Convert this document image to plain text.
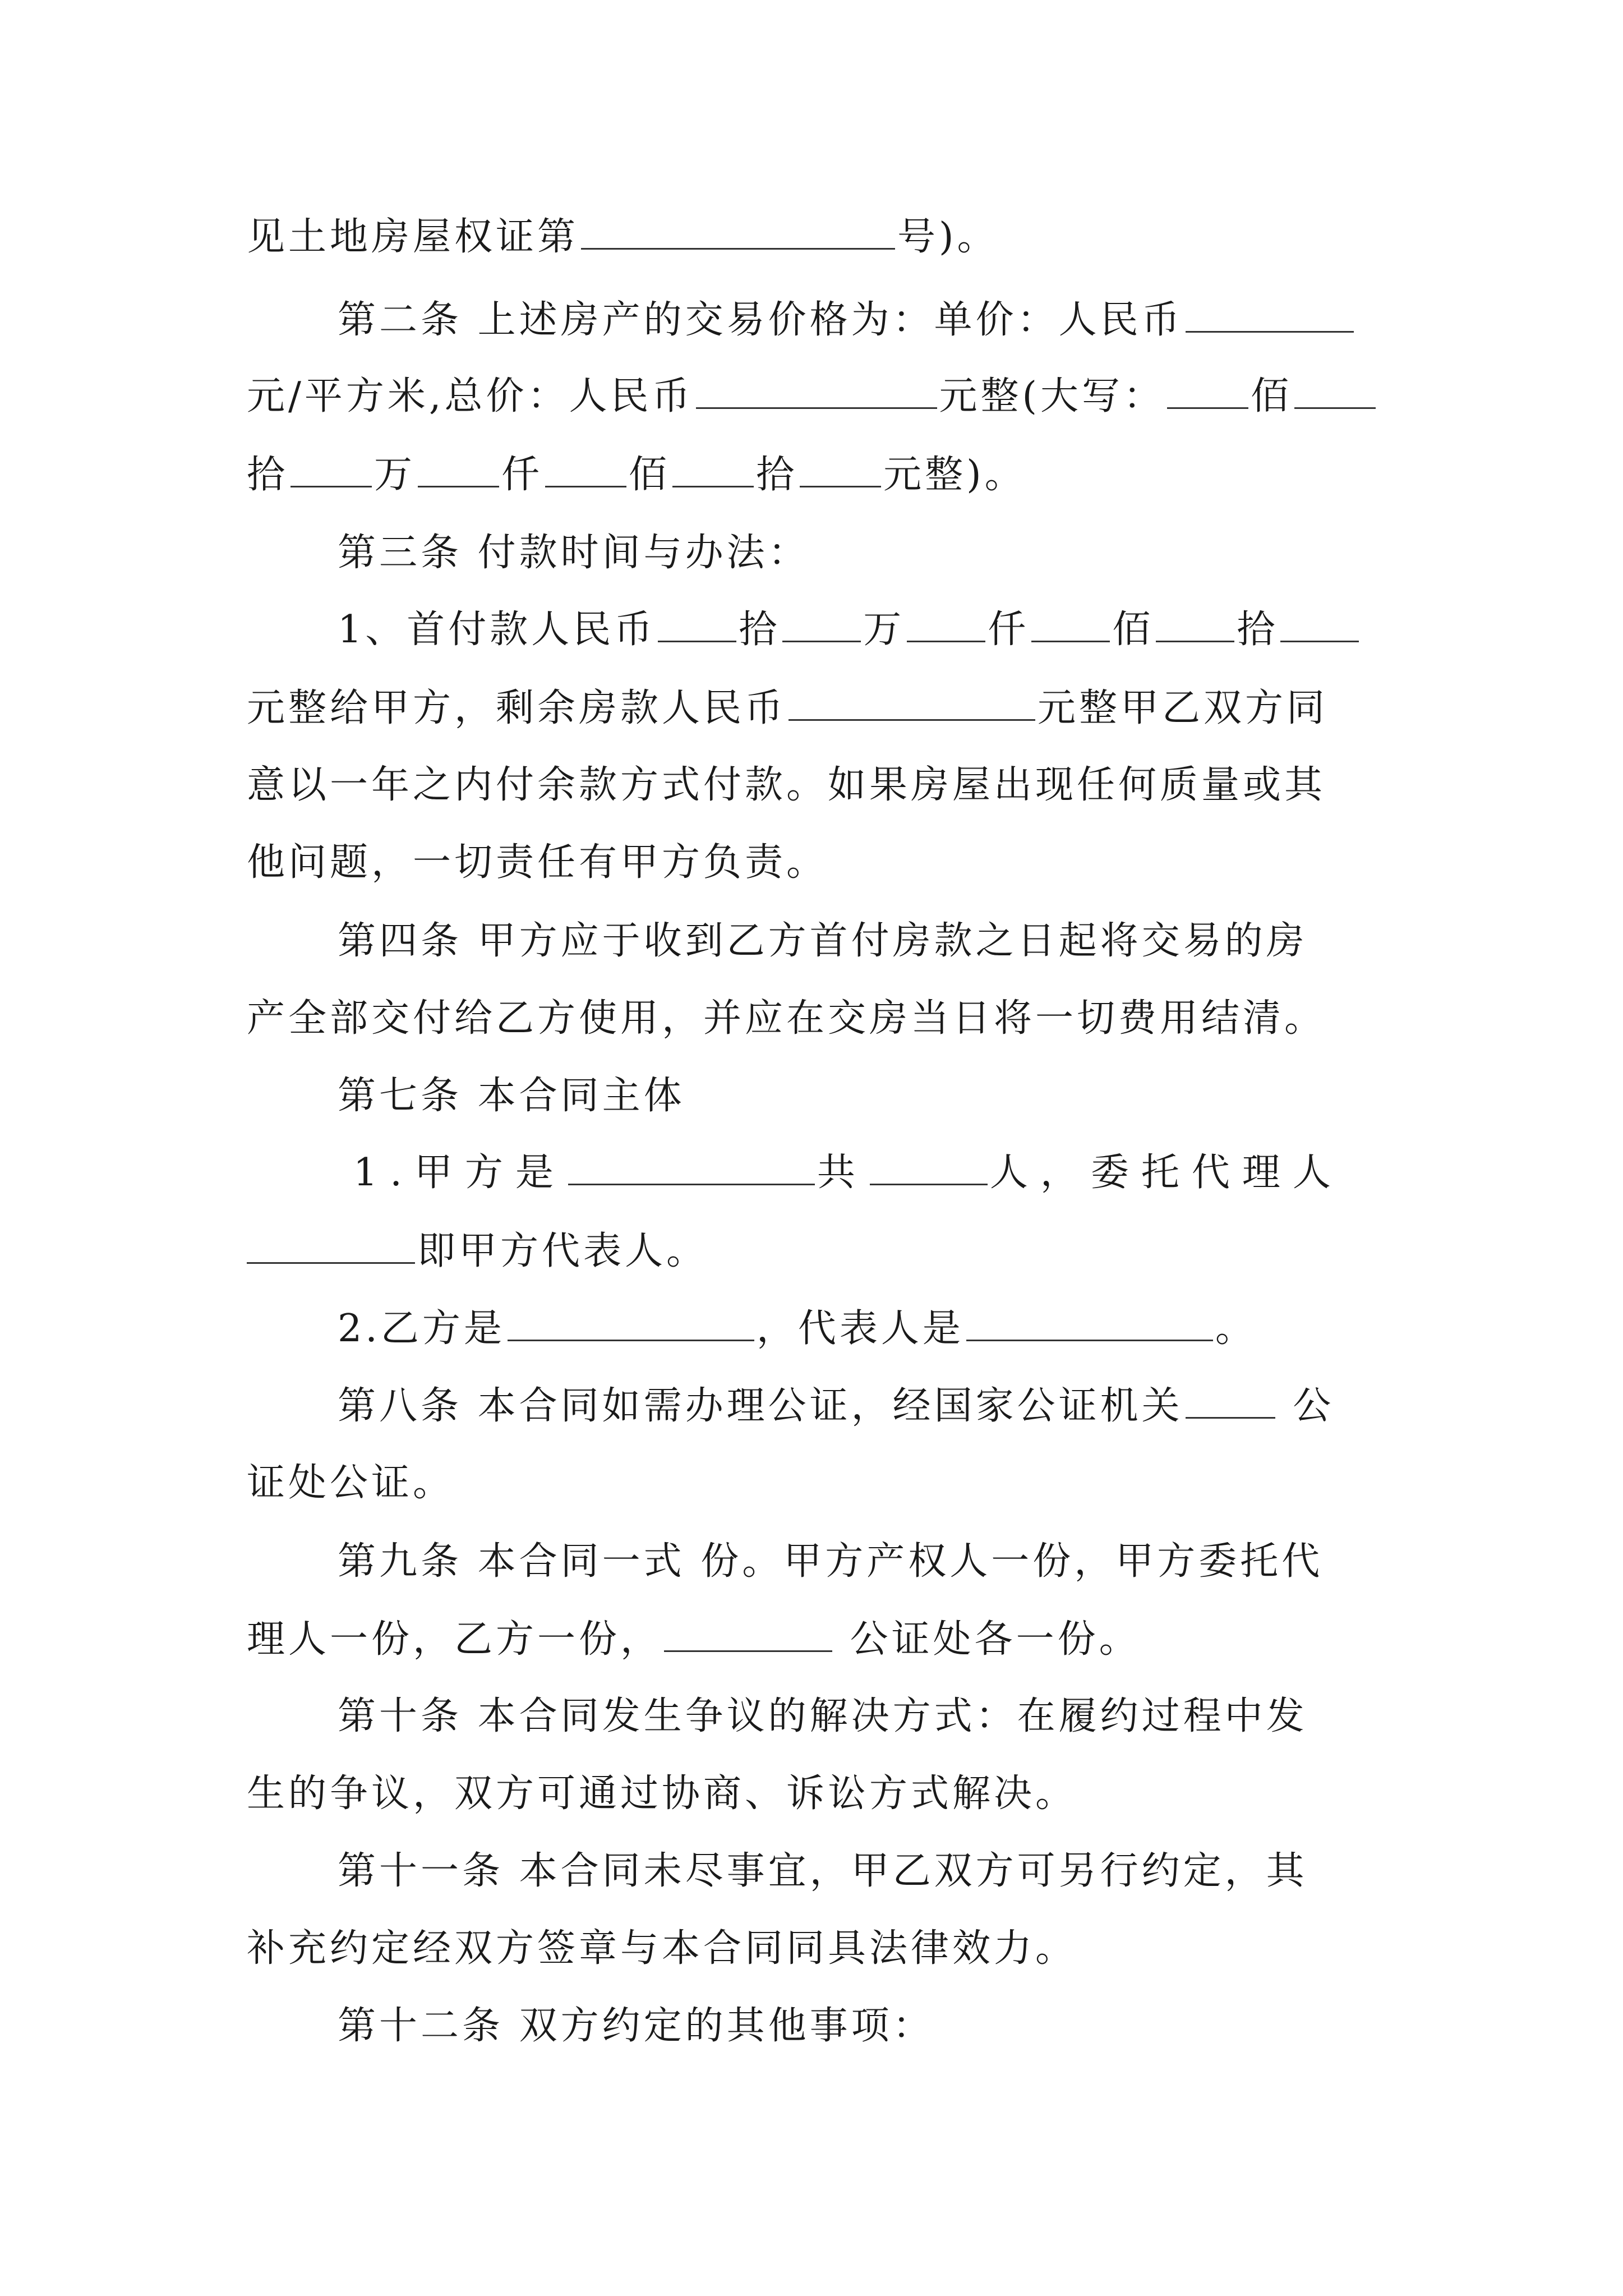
见土地房屋权证第	号)。
第二条 上述房产的交易价格为：单价：人民币
元/平方米,总价：人民币	元整(大写： 佰
拾 万 仟 佰 拾 元整)。
第三条 付款时间与办法：
1、首付款人民币 拾 万 仟 佰 拾
元整给甲方，剩余房款人民币	元整甲乙双方同
意以一年之内付余款方式付款。如果房屋出现任何质量或其
他问题，一切责任有甲方负责。
第四条 甲方应于收到乙方首付房款之日起将交易的房
产全部交付给乙方使用，并应在交房当日将一切费用结清。
第七条 本合同主体
1.甲方是	共	人，委托代理人
即甲方代表人。
2.乙方是	，代表人是	。
第八条 本合同如需办理公证，经国家公证机关 公
证处公证。
第九条 本合同一式 份。甲方产权人一份，甲方委托代
理人一份，乙方一份，	公证处各一份。
第十条 本合同发生争议的解决方式：在履约过程中发
生的争议，双方可通过协商、诉讼方式解决。
第十一条 本合同未尽事宜，甲乙双方可另行约定，其
补充约定经双方签章与本合同同具法律效力。
第十二条 双方约定的其他事项：
